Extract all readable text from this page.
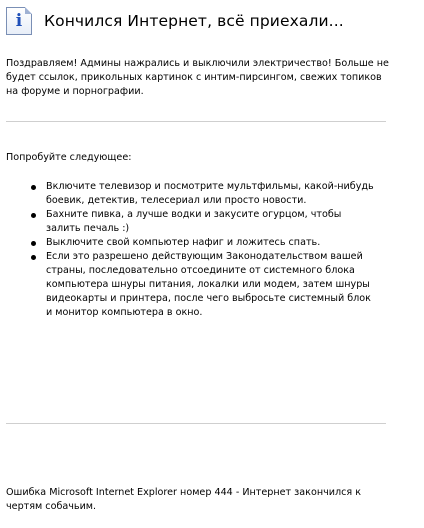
i	Кончился Интернет, всё приехали...
Поздравляем! Админы нажрались и выключили электричество! Больше не будет ссылок, прикольных картинок с интим-пирсингом, свежих топиков на форуме и порнографии.
Попробуйте следующее:
Включите телевизор и посмотрите мультфильмы, какой-нибудь боевик, детектив, телесериал или просто новости.
Бахните пивка, а лучше водки и закусите огурцом, чтобы залить печаль :)
Выключите свой компьютер нафиг и ложитесь спать.
Если это разрешено действующим Законодательством вашей страны, последовательно отсоедините от системного блока компьютера шнуры питания, локалки или модем, затем шнуры видеокарты и принтера, после чего выбросьте системный блок и монитор компьютера в окно.
Ошибка Microsoft Internet Explorer номер 444 - Интернет закончился к чертям собачьим.
